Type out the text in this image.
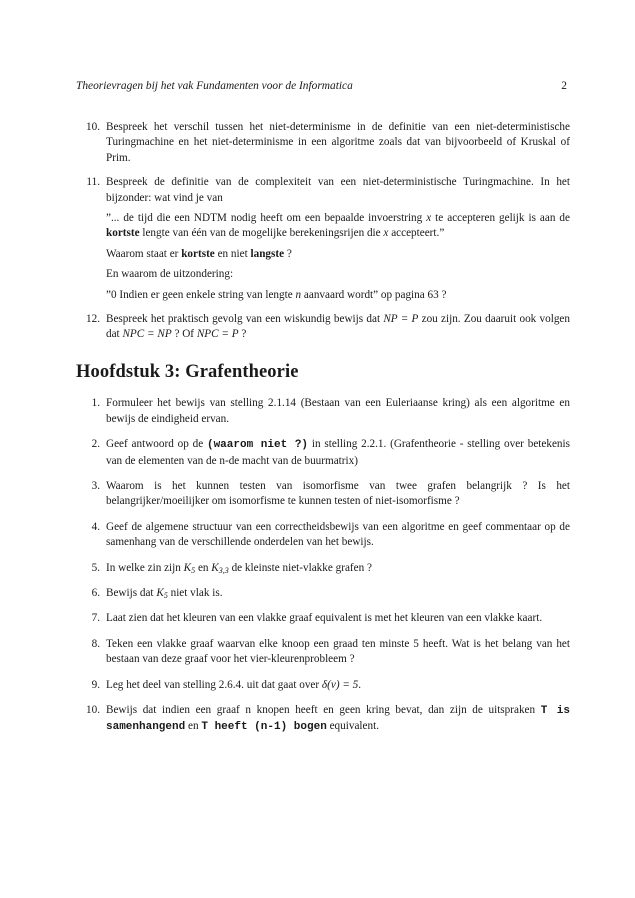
Theorievragen bij het vak Fundamenten voor de Informatica	2
10. Bespreek het verschil tussen het niet-determinisme in de definitie van een niet-deterministische Turingmachine en het niet-determinisme in een algoritme zoals dat van bijvoorbeeld of Kruskal of Prim.
11. Bespreek de definitie van de complexiteit van een niet-deterministische Turingmachine. In het bijzonder: wat vind je van
”... de tijd die een NDTM nodig heeft om een bepaalde invoerstring x te accepteren gelijk is aan de kortste lengte van één van de mogelijke berekeningsrijen die x accepteert.”
Waarom staat er kortste en niet langste ?
En waarom de uitzondering:
”0 Indien er geen enkele string van lengte n aanvaard wordt” op pagina 63 ?
12. Bespreek het praktisch gevolg van een wiskundig bewijs dat NP = P zou zijn. Zou daaruit ook volgen dat NPC = NP ? Of NPC = P ?
Hoofdstuk 3: Grafentheorie
1. Formuleer het bewijs van stelling 2.1.14 (Bestaan van een Euleriaanse kring) als een algoritme en bewijs de eindigheid ervan.
2. Geef antwoord op de (waarom niet ?) in stelling 2.2.1. (Grafentheorie - stelling over betekenis van de elementen van de n-de macht van de buurmatrix)
3. Waarom is het kunnen testen van isomorfisme van twee grafen belangrijk ? Is het belangrijker/moeilijker om isomorfisme te kunnen testen of niet-isomorfisme ?
4. Geef de algemene structuur van een correctheidsbewijs van een algoritme en geef commentaar op de samenhang van de verschillende onderdelen van het bewijs.
5. In welke zin zijn $K_5$ en $K_{3,3}$ de kleinste niet-vlakke grafen ?
6. Bewijs dat $K_5$ niet vlak is.
7. Laat zien dat het kleuren van een vlakke graaf equivalent is met het kleuren van een vlakke kaart.
8. Teken een vlakke graaf waarvan elke knoop een graad ten minste 5 heeft. Wat is het belang van het bestaan van deze graaf voor het vier-kleurenprobleem ?
9. Leg het deel van stelling 2.6.4. uit dat gaat over δ(v) = 5.
10. Bewijs dat indien een graaf n knopen heeft en geen kring bevat, dan zijn de uitspraken T is samenhangend en T heeft (n-1) bogen equivalent.
